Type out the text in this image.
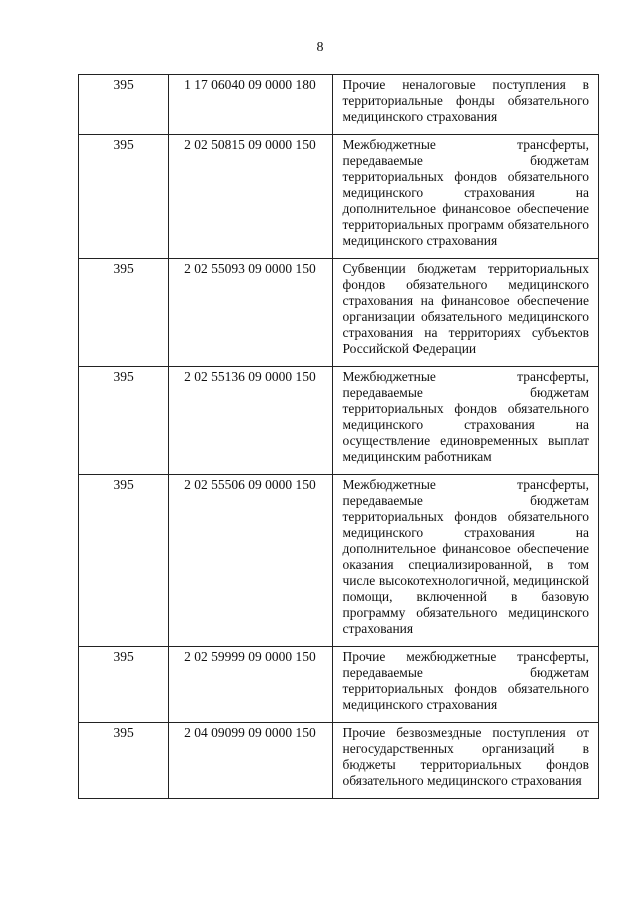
8
395	1 17 06040 09 0000 180	Прочие неналоговые поступления в территориальные фонды обязательного медицинского страхования
395	2 02 50815 09 0000 150	Межбюджетные трансферты, передаваемые бюджетам территориальных фондов обязательного медицинского страхования на дополнительное финансовое обеспечение территориальных программ обязательного медицинского страхования
395	2 02 55093 09 0000 150	Субвенции бюджетам территориальных фондов обязательного медицинского страхования на финансовое обеспечение организации обязательного медицинского страхования на территориях субъектов Российской Федерации
395	2 02 55136 09 0000 150	Межбюджетные трансферты, передаваемые бюджетам территориальных фондов обязательного медицинского страхования на осуществление единовременных выплат медицинским работникам
395	2 02 55506 09 0000 150	Межбюджетные трансферты, передаваемые бюджетам территориальных фондов обязательного медицинского страхования на дополнительное финансовое обеспечение оказания специализированной, в том числе высокотехнологичной, медицинской помощи, включенной в базовую программу обязательного медицинского страхования
395	2 02 59999 09 0000 150	Прочие межбюджетные трансферты, передаваемые бюджетам территориальных фондов обязательного медицинского страхования
395	2 04 09099 09 0000 150	Прочие безвозмездные поступления от негосударственных организаций в бюджеты территориальных фондов обязательного медицинского страхования
